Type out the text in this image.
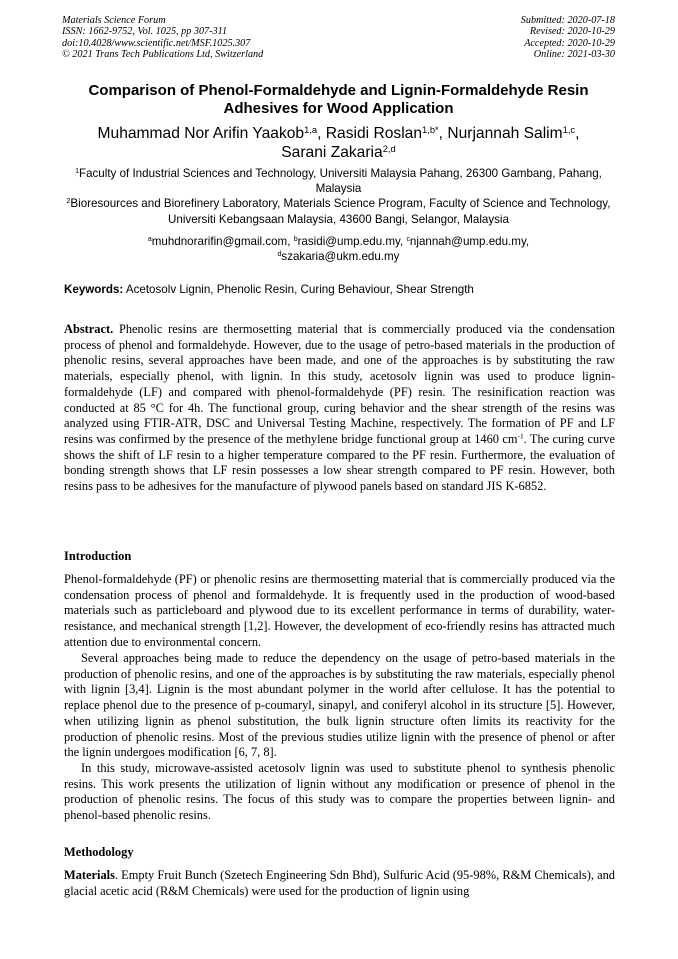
Materials Science Forum
ISSN: 1662-9752, Vol. 1025, pp 307-311
doi:10.4028/www.scientific.net/MSF.1025.307
© 2021 Trans Tech Publications Ltd, Switzerland
Submitted: 2020-07-18
Revised: 2020-10-29
Accepted: 2020-10-29
Online: 2021-03-30
Comparison of Phenol-Formaldehyde and Lignin-Formaldehyde Resin
Adhesives for Wood Application
Muhammad Nor Arifin Yaakob$^{1,a}$, Rasidi Roslan$^{1,b*}$, Nurjannah Salim$^{1,c}$,
Sarani Zakaria$^{2,d}$
$^1$Faculty of Industrial Sciences and Technology, Universiti Malaysia Pahang, 26300 Gambang, Pahang, Malaysia
$^2$Bioresources and Biorefinery Laboratory, Materials Science Program, Faculty of Science and Technology, Universiti Kebangsaan Malaysia, 43600 Bangi, Selangor, Malaysia
$^a$muhdnorarifin@gmail.com, $^b$rasidi@ump.edu.my, $^c$njannah@ump.edu.my,
$^d$szakaria@ukm.edu.my
Keywords: Acetosolv Lignin, Phenolic Resin, Curing Behaviour, Shear Strength
Abstract. Phenolic resins are thermosetting material that is commercially produced via the condensation process of phenol and formaldehyde. However, due to the usage of petro-based materials in the production of phenolic resins, several approaches have been made, and one of the approaches is by substituting the raw materials, especially phenol, with lignin. In this study, acetosolv lignin was used to produce lignin-formaldehyde (LF) and compared with phenol-formaldehyde (PF) resin. The resinification reaction was conducted at 85 °C for 4h. The functional group, curing behavior and the shear strength of the resins was analyzed using FTIR-ATR, DSC and Universal Testing Machine, respectively. The formation of PF and LF resins was confirmed by the presence of the methylene bridge functional group at 1460 $cm^{-1}$. The curing curve shows the shift of LF resin to a higher temperature compared to the PF resin. Furthermore, the evaluation of bonding strength shows that LF resin possesses a low shear strength compared to PF resin. However, both resins pass to be adhesives for the manufacture of plywood panels based on standard JIS K-6852.
Introduction
Phenol-formaldehyde (PF) or phenolic resins are thermosetting material that is commercially produced via the condensation process of phenol and formaldehyde. It is frequently used in the production of wood-based materials such as particleboard and plywood due to its excellent performance in terms of durability, water-resistance, and mechanical strength [1,2]. However, the development of eco-friendly resins has attracted much attention due to environmental concern.
Several approaches being made to reduce the dependency on the usage of petro-based materials in the production of phenolic resins, and one of the approaches is by substituting the raw materials, especially phenol with lignin [3,4]. Lignin is the most abundant polymer in the world after cellulose. It has the potential to replace phenol due to the presence of p-coumaryl, sinapyl, and coniferyl alcohol in its structure [5]. However, when utilizing lignin as phenol substitution, the bulk lignin structure often limits its reactivity for the production of phenolic resins. Most of the previous studies utilize lignin with the presence of phenol or after the lignin undergoes modification [6, 7, 8].
In this study, microwave-assisted acetosolv lignin was used to substitute phenol to synthesis phenolic resins. This work presents the utilization of lignin without any modification or presence of phenol in the production of phenolic resins. The focus of this study was to compare the properties between lignin- and phenol-based phenolic resins.
Methodology
Materials. Empty Fruit Bunch (Szetech Engineering Sdn Bhd), Sulfuric Acid (95-98%, R&M Chemicals), and glacial acetic acid (R&M Chemicals) were used for the production of lignin using
